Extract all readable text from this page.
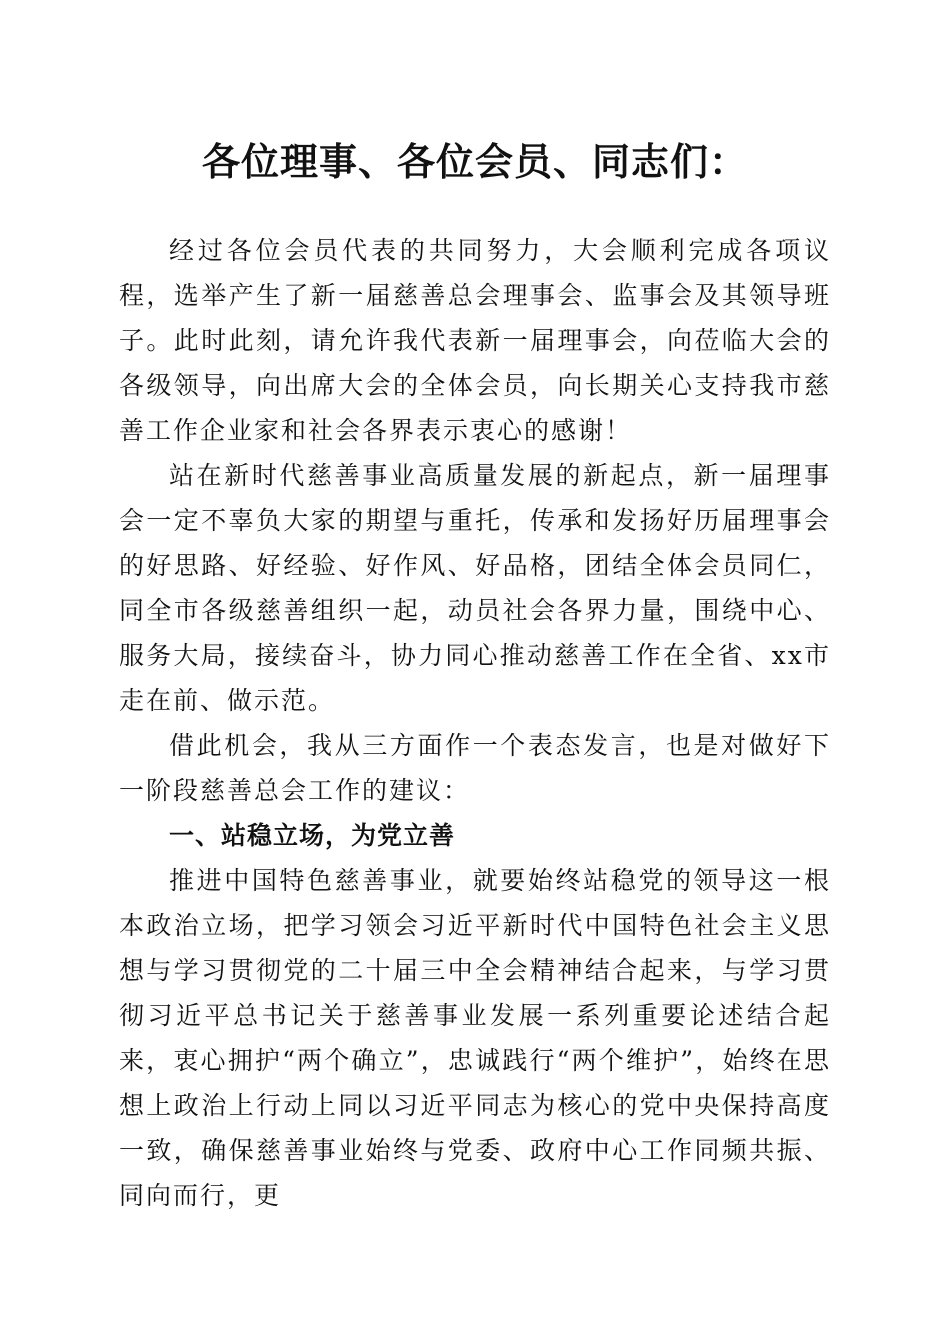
各位理事、各位会员、同志们：

经过各位会员代表的共同努力，大会顺利完成各项议程，选举产生了新一届慈善总会理事会、监事会及其领导班子。此时此刻，请允许我代表新一届理事会，向莅临大会的各级领导，向出席大会的全体会员，向长期关心支持我市慈善工作企业家和社会各界表示衷心的感谢！

站在新时代慈善事业高质量发展的新起点，新一届理事会一定不辜负大家的期望与重托，传承和发扬好历届理事会的好思路、好经验、好作风、好品格，团结全体会员同仁，同全市各级慈善组织一起，动员社会各界力量，围绕中心、服务大局，接续奋斗，协力同心推动慈善工作在全省、xx市走在前、做示范。

借此机会，我从三方面作一个表态发言，也是对做好下一阶段慈善总会工作的建议：

一、站稳立场，为党立善

推进中国特色慈善事业，就要始终站稳党的领导这一根本政治立场，把学习领会习近平新时代中国特色社会主义思想与学习贯彻党的二十届三中全会精神结合起来，与学习贯彻习近平总书记关于慈善事业发展一系列重要论述结合起来，衷心拥护“两个确立”，忠诚践行“两个维护”，始终在思想上政治上行动上同以习近平同志为核心的党中央保持高度一致，确保慈善事业始终与党委、政府中心工作同频共振、同向而行，更
